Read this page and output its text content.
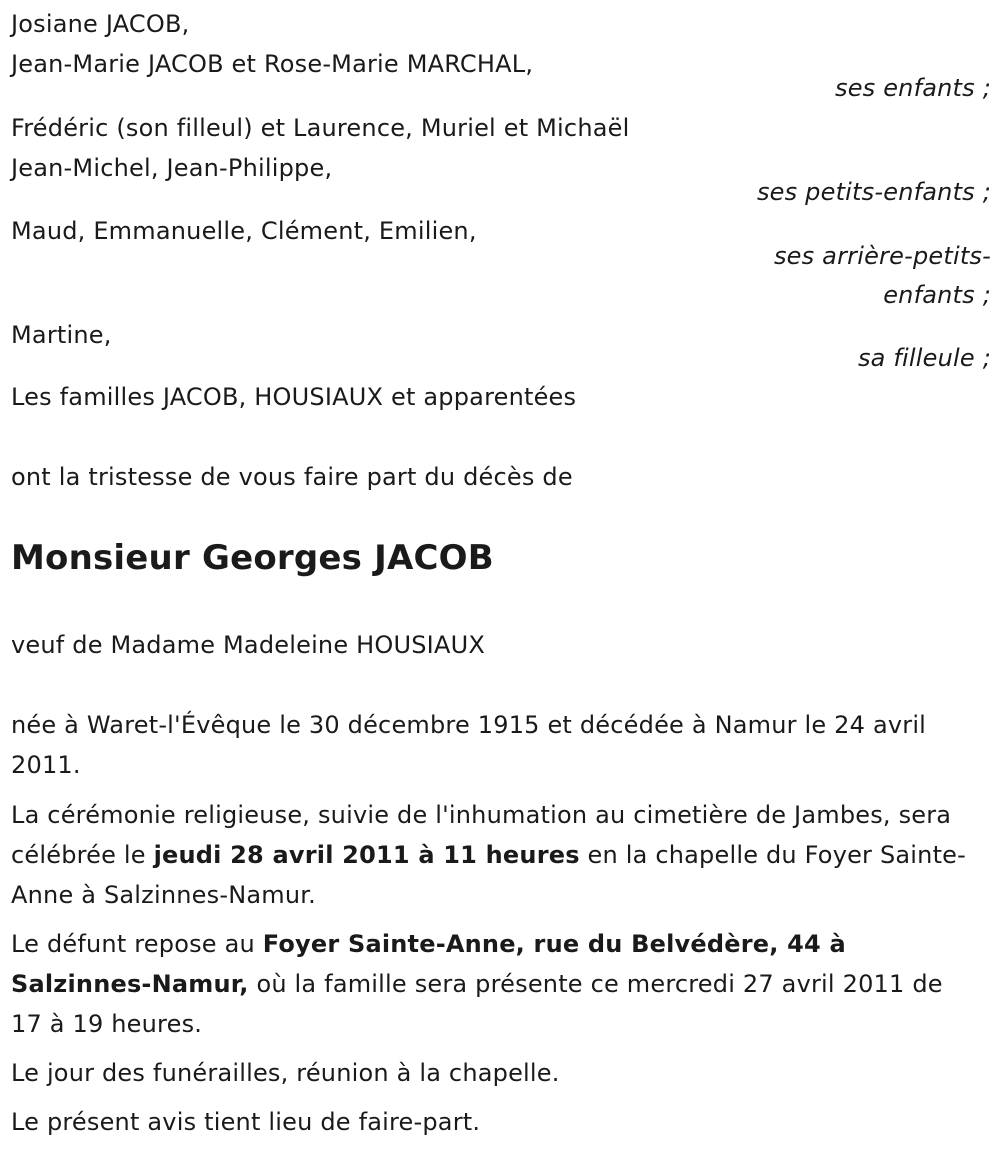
Josiane JACOB,
Jean-Marie JACOB et Rose-Marie MARCHAL,
ses enfants ;
Frédéric (son filleul) et Laurence, Muriel et Michaël
Jean-Michel, Jean-Philippe,
ses petits-enfants ;
Maud, Emmanuelle, Clément, Emilien,
ses arrière-petits-
enfants ;
Martine,
sa filleule ;
Les familles JACOB, HOUSIAUX et apparentées
ont la tristesse de vous faire part du décès de
Monsieur Georges JACOB
veuf de Madame Madeleine HOUSIAUX
née à Waret-l'Évêque le 30 décembre 1915 et décédée à Namur le 24 avril 2011.
La cérémonie religieuse, suivie de l'inhumation au cimetière de Jambes, sera célébrée le jeudi 28 avril 2011 à 11 heures en la chapelle du Foyer Sainte-Anne à Salzinnes-Namur.
Le défunt repose au Foyer Sainte-Anne, rue du Belvédère, 44 à Salzinnes-Namur, où la famille sera présente ce mercredi 27 avril 2011 de 17 à 19 heures.
Le jour des funérailles, réunion à la chapelle.
Le présent avis tient lieu de faire-part.
